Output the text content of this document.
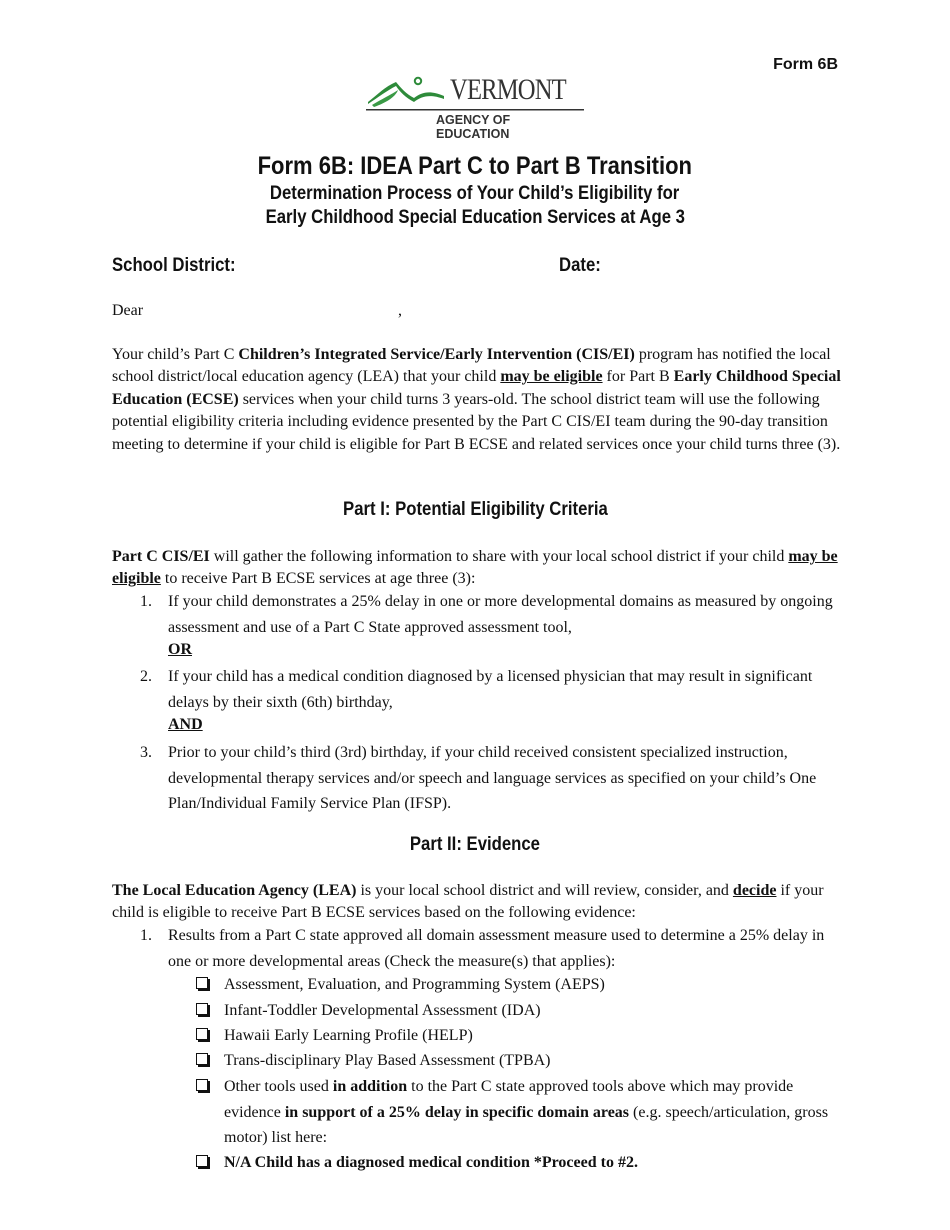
Form 6B
VERMONT
AGENCY OF EDUCATION
Form 6B: IDEA Part C to Part B Transition
Determination Process of Your Child’s Eligibility for
Early Childhood Special Education Services at Age 3
School District:	Date:
Dear	,
Your child’s Part C Children’s Integrated Service/Early Intervention (CIS/EI) program has notified the local school district/local education agency (LEA) that your child may be eligible for Part B Early Childhood Special Education (ECSE) services when your child turns 3 years-old. The school district team will use the following potential eligibility criteria including evidence presented by the Part C CIS/EI team during the 90-day transition meeting to determine if your child is eligible for Part B ECSE and related services once your child turns three (3).
Part I: Potential Eligibility Criteria
Part C CIS/EI will gather the following information to share with your local school district if your child may be eligible to receive Part B ECSE services at age three (3):
1. If your child demonstrates a 25% delay in one or more developmental domains as measured by ongoing assessment and use of a Part C State approved assessment tool,
OR
2. If your child has a medical condition diagnosed by a licensed physician that may result in significant delays by their sixth (6th) birthday,
AND
3. Prior to your child’s third (3rd) birthday, if your child received consistent specialized instruction, developmental therapy services and/or speech and language services as specified on your child’s One Plan/Individual Family Service Plan (IFSP).
Part II: Evidence
The Local Education Agency (LEA) is your local school district and will review, consider, and decide if your child is eligible to receive Part B ECSE services based on the following evidence:
1. Results from a Part C state approved all domain assessment measure used to determine a 25% delay in one or more developmental areas (Check the measure(s) that applies):
Assessment, Evaluation, and Programming System (AEPS)
Infant-Toddler Developmental Assessment (IDA)
Hawaii Early Learning Profile (HELP)
Trans-disciplinary Play Based Assessment (TPBA)
Other tools used in addition to the Part C state approved tools above which may provide evidence in support of a 25% delay in specific domain areas (e.g. speech/articulation, gross motor) list here:
N/A Child has a diagnosed medical condition *Proceed to #2.
